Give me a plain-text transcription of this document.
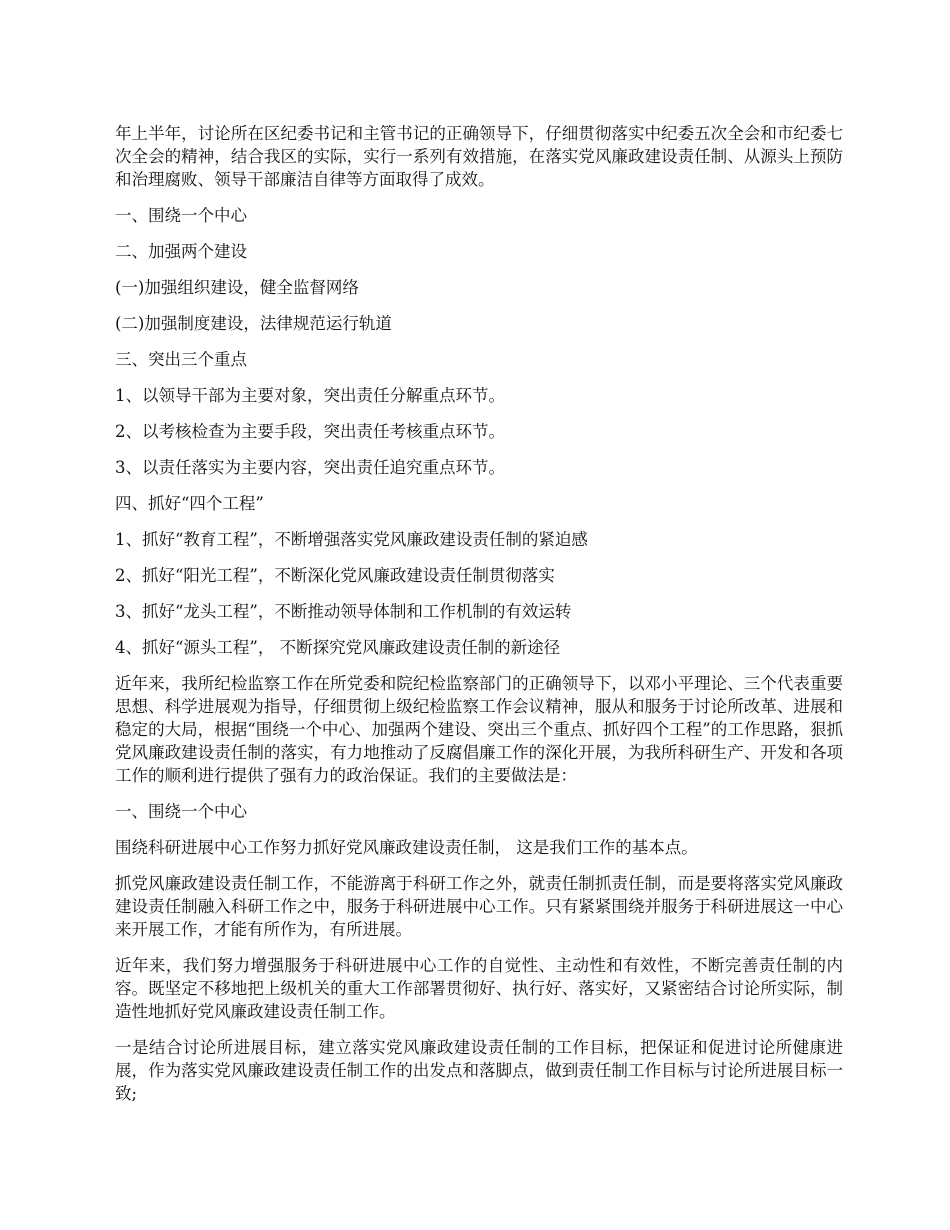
年上半年，讨论所在区纪委书记和主管书记的正确领导下，仔细贯彻落实中纪委五次全会和市纪委七次全会的精神，结合我区的实际，实行一系列有效措施，在落实党风廉政建设责任制、从源头上预防和治理腐败、领导干部廉洁自律等方面取得了成效。

一、围绕一个中心

二、加强两个建设

(一)加强组织建设，健全监督网络

(二)加强制度建设，法律规范运行轨道

三、突出三个重点

1、以领导干部为主要对象，突出责任分解重点环节。

2、以考核检查为主要手段，突出责任考核重点环节。

3、以责任落实为主要内容，突出责任追究重点环节。

四、抓好“四个工程”

1、抓好“教育工程”，不断增强落实党风廉政建设责任制的紧迫感

2、抓好“阳光工程”，不断深化党风廉政建设责任制贯彻落实

3、抓好“龙头工程”，不断推动领导体制和工作机制的有效运转

4、抓好“源头工程”， 不断探究党风廉政建设责任制的新途径

近年来，我所纪检监察工作在所党委和院纪检监察部门的正确领导下，以邓小平理论、三个代表重要思想、科学进展观为指导，仔细贯彻上级纪检监察工作会议精神，服从和服务于讨论所改革、进展和稳定的大局，根据“围绕一个中心、加强两个建设、突出三个重点、抓好四个工程”的工作思路，狠抓党风廉政建设责任制的落实，有力地推动了反腐倡廉工作的深化开展，为我所科研生产、开发和各项工作的顺利进行提供了强有力的政治保证。我们的主要做法是：

一、围绕一个中心

围绕科研进展中心工作努力抓好党风廉政建设责任制， 这是我们工作的基本点。

抓党风廉政建设责任制工作，不能游离于科研工作之外，就责任制抓责任制，而是要将落实党风廉政建设责任制融入科研工作之中，服务于科研进展中心工作。只有紧紧围绕并服务于科研进展这一中心来开展工作，才能有所作为，有所进展。

近年来，我们努力增强服务于科研进展中心工作的自觉性、主动性和有效性，不断完善责任制的内容。既坚定不移地把上级机关的重大工作部署贯彻好、执行好、落实好，又紧密结合讨论所实际，制造性地抓好党风廉政建设责任制工作。

一是结合讨论所进展目标，建立落实党风廉政建设责任制的工作目标，把保证和促进讨论所健康进展，作为落实党风廉政建设责任制工作的出发点和落脚点，做到责任制工作目标与讨论所进展目标一致;
